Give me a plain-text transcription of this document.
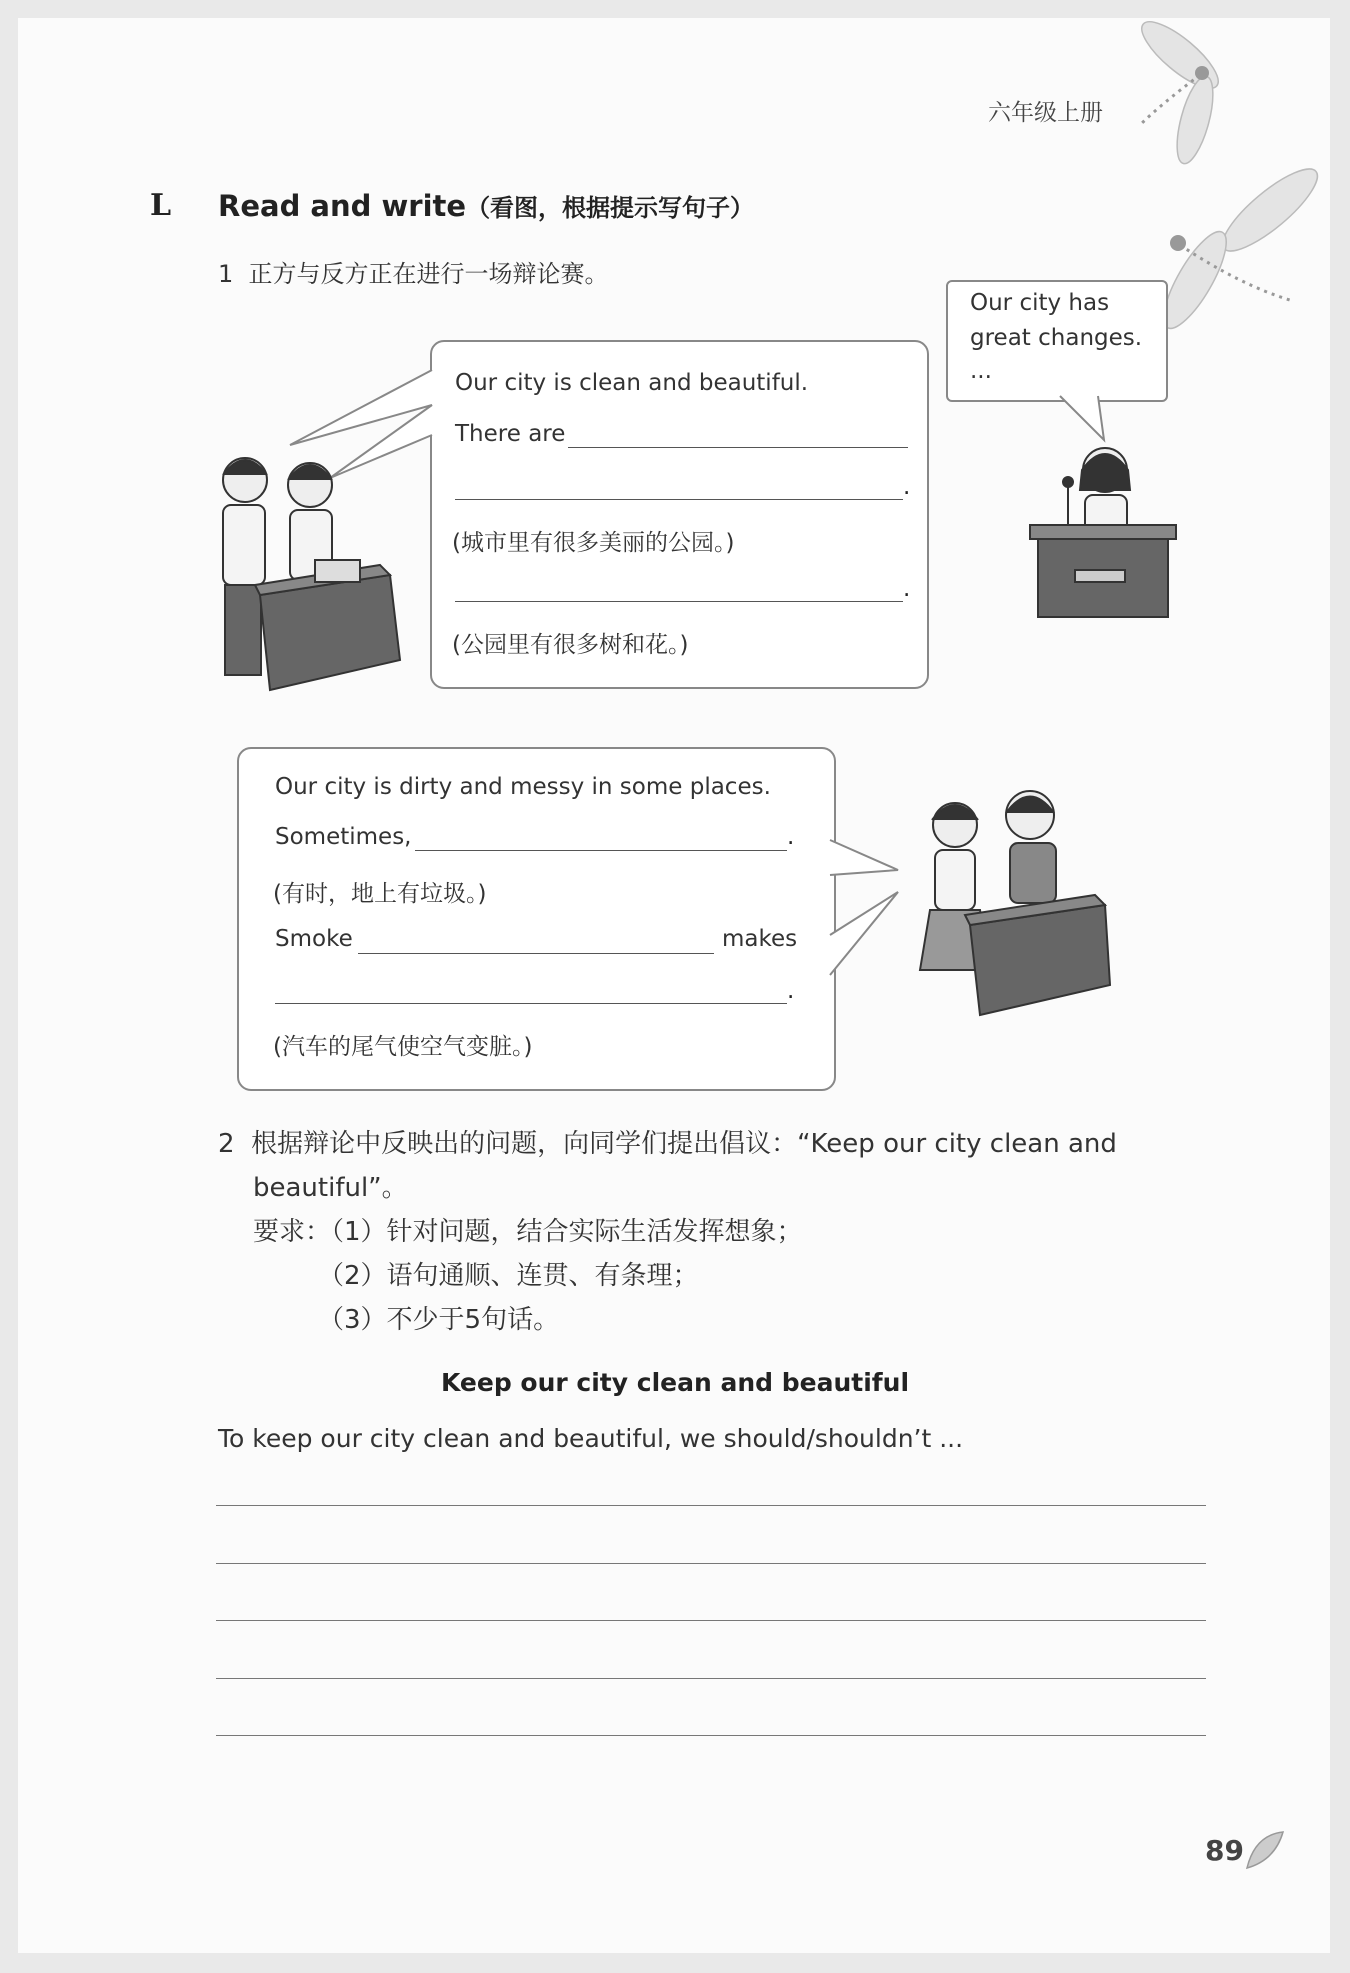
六年级上册
L Read and write（看图，根据提示写句子）
1 正方与反方正在进行一场辩论赛。
Our city has
great changes.
...
Our city is clean and beautiful.
There are
.
(城市里有很多美丽的公园。)
.
(公园里有很多树和花。)
Our city is dirty and messy in some places.
Sometimes,	.
(有时，地上有垃圾。)
Smoke	makes
.
(汽车的尾气使空气变脏。)
2 根据辩论中反映出的问题，向同学们提出倡议：“Keep our city clean and
beautiful”。
要求：（1）针对问题，结合实际生活发挥想象；
（2）语句通顺、连贯、有条理；
（3）不少于5句话。
Keep our city clean and beautiful
To keep our city clean and beautiful, we should/shouldn’t ...
89
